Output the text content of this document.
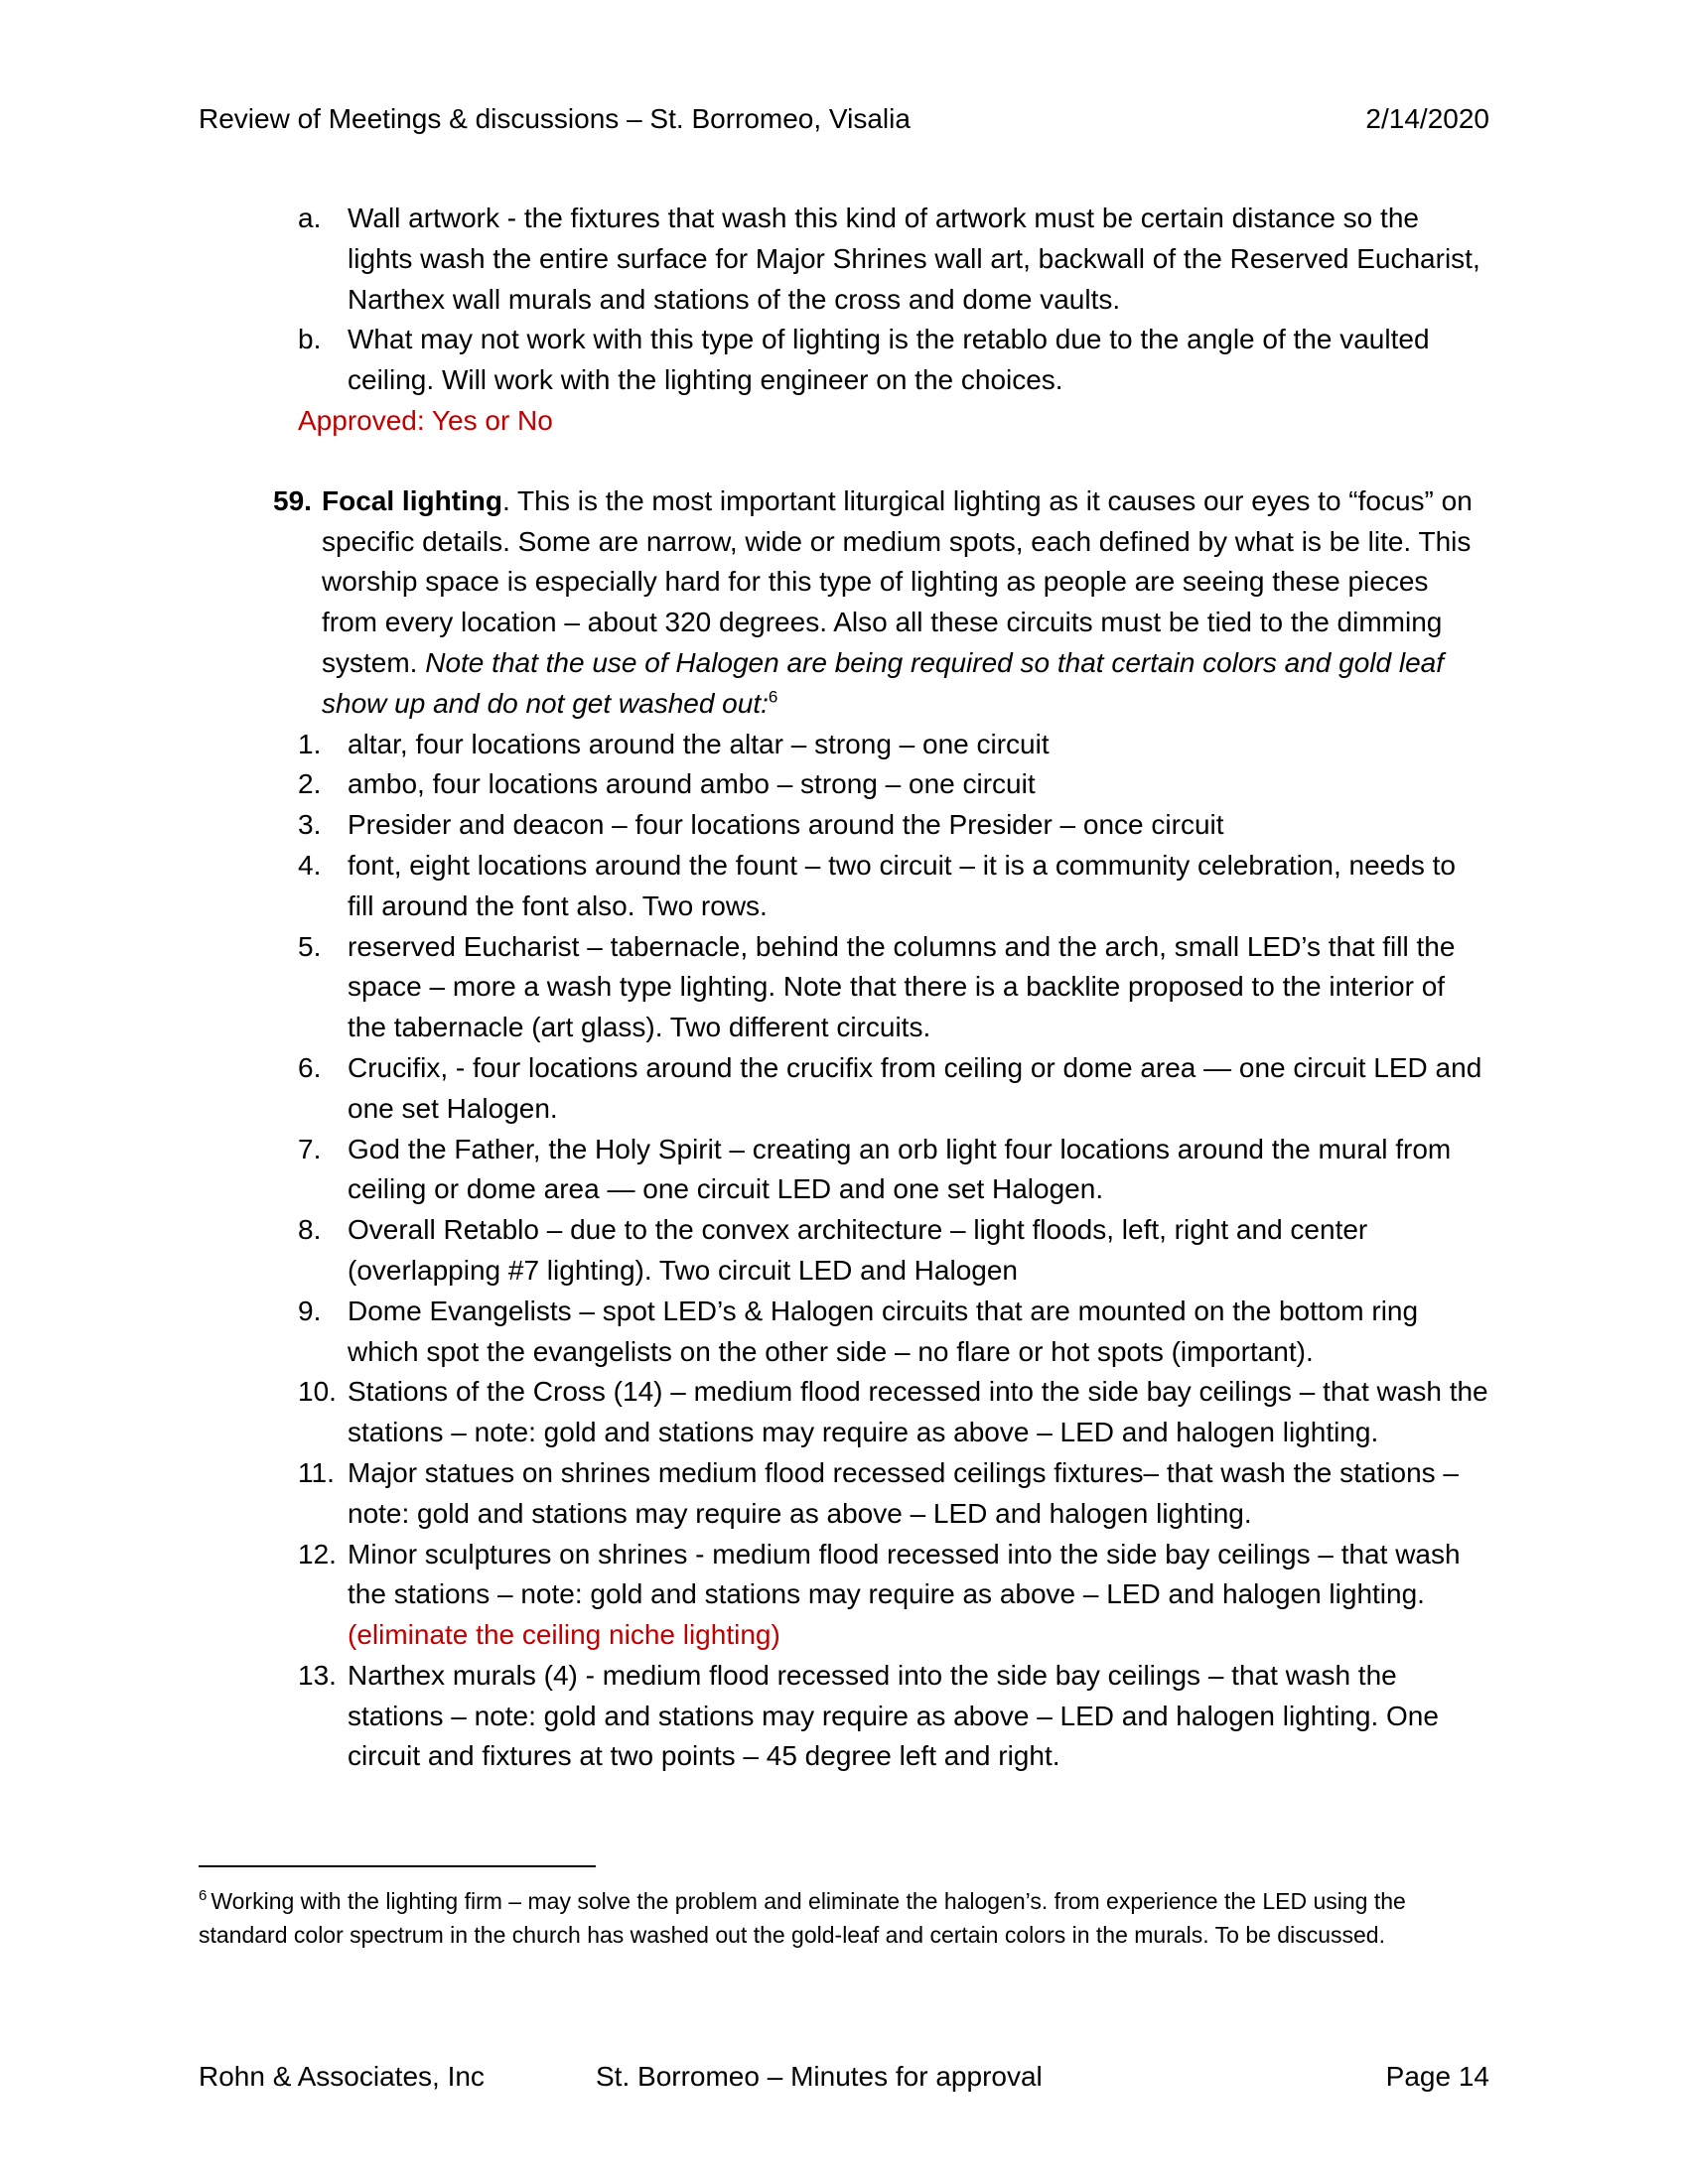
Review of Meetings & discussions – St. Borromeo, Visalia	2/14/2020
a. Wall artwork - the fixtures that wash this kind of artwork must be certain distance so the lights wash the entire surface for Major Shrines wall art, backwall of the Reserved Eucharist, Narthex wall murals and stations of the cross and dome vaults.

b. What may not work with this type of lighting is the retablo due to the angle of the vaulted ceiling. Will work with the lighting engineer on the choices.

Approved: Yes or No
59. Focal lighting. This is the most important liturgical lighting as it causes our eyes to “focus” on specific details. Some are narrow, wide or medium spots, each defined by what is be lite. This worship space is especially hard for this type of lighting as people are seeing these pieces from every location – about 320 degrees. Also all these circuits must be tied to the dimming system. Note that the use of Halogen are being required so that certain colors and gold leaf show up and do not get washed out:$^6$

1. altar, four locations around the altar – strong – one circuit

2. ambo, four locations around ambo – strong – one circuit

3. Presider and deacon – four locations around the Presider – once circuit

4. font, eight locations around the fount – two circuit – it is a community celebration, needs to fill around the font also. Two rows.

5. reserved Eucharist – tabernacle, behind the columns and the arch, small LED’s that fill the space – more a wash type lighting. Note that there is a backlite proposed to the interior of the tabernacle (art glass). Two different circuits.

6. Crucifix, - four locations around the crucifix from ceiling or dome area — one circuit LED and one set Halogen.

7. God the Father, the Holy Spirit – creating an orb light four locations around the mural from ceiling or dome area — one circuit LED and one set Halogen.

8. Overall Retablo – due to the convex architecture – light floods, left, right and center (overlapping #7 lighting). Two circuit LED and Halogen

9. Dome Evangelists – spot LED’s & Halogen circuits that are mounted on the bottom ring which spot the evangelists on the other side – no flare or hot spots (important).

10. Stations of the Cross (14) – medium flood recessed into the side bay ceilings – that wash the stations – note: gold and stations may require as above – LED and halogen lighting.

11. Major statues on shrines medium flood recessed ceilings fixtures– that wash the stations – note: gold and stations may require as above – LED and halogen lighting.

12. Minor sculptures on shrines - medium flood recessed into the side bay ceilings – that wash the stations – note: gold and stations may require as above – LED and halogen lighting. (eliminate the ceiling niche lighting)

13. Narthex murals (4) - medium flood recessed into the side bay ceilings – that wash the stations – note: gold and stations may require as above – LED and halogen lighting. One circuit and fixtures at two points – 45 degree left and right.

$^6$ Working with the lighting firm – may solve the problem and eliminate the halogen’s. from experience the LED using the standard color spectrum in the church has washed out the gold-leaf and certain colors in the murals. To be discussed.
Rohn & Associates, Inc	St. Borromeo – Minutes for approval	Page 14
